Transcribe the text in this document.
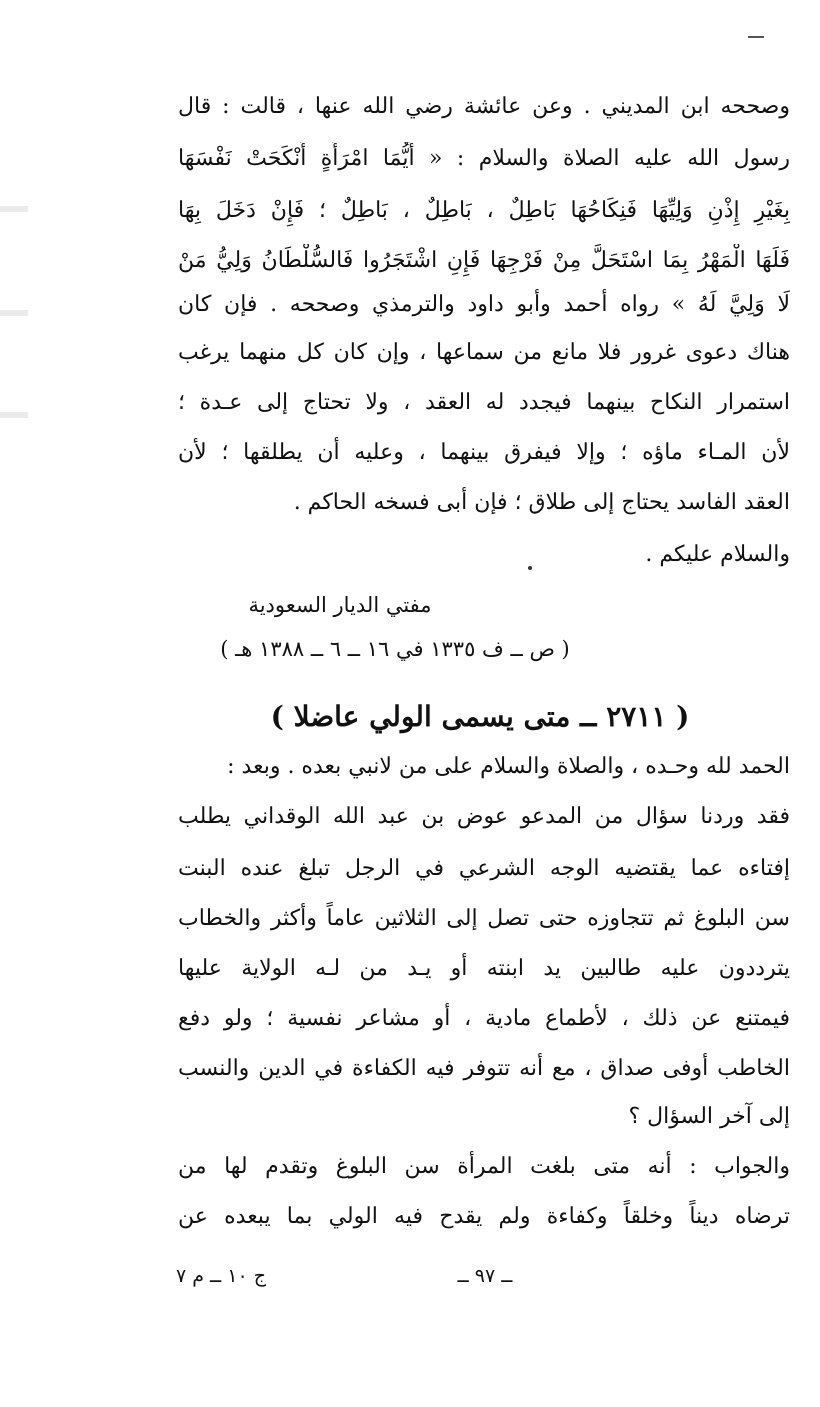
وصححه ابن المديني . وعن عائشة رضي الله عنها ، قالت : قال
رسول الله عليه الصلاة والسلام : « أَيُّمَا امْرَأَةٍ أَنْكَحَتْ نَفْسَهَا
بِغَيْرِ إِذْنِ وَلِيِّهَا فَنِكَاحُهَا بَاطِلٌ ، بَاطِلٌ ، بَاطِلٌ ؛ فَإِنْ دَخَلَ بِهَا
فَلَهَا الْمَهْرُ بِمَا اسْتَحَلَّ مِنْ فَرْجِهَا فَإِنِ اشْتَجَرُوا فَالسُّلْطَانُ وَلِيُّ مَنْ
لَا وَلِيَّ لَهُ » رواه أحمد وأبو داود والترمذي وصححه . فإن كان
هناك دعوى غرور فلا مانع من سماعها ، وإن كان كل منهما يرغب
استمرار النكاح بينهما فيجدد له العقد ، ولا تحتاج إلى عـدة ؛
لأن المـاء ماؤه ؛ وإلا فيفرق بينهما ، وعليه أن يطلقها ؛ لأن
العقد الفاسد يحتاج إلى طلاق ؛ فإن أبى فسخه الحاكم .
والسلام عليكم .
مفتي الديار السعودية
( ص ــ ف ١٣٣٥ في ١٦ ــ ٦ ــ ١٣٨٨ هـ )
( ٢٧١١ ــ متى يسمى الولي عاضلا )
الحمد لله وحـده ، والصلاة والسلام على من لانبي بعده . وبعد :
فقد وردنا سؤال من المدعو عوض بن عبد الله الوقداني يطلب
إفتاءه عما يقتضيه الوجه الشرعي في الرجل تبلغ عنده البنت
سن البلوغ ثم تتجاوزه حتى تصل إلى الثلاثين عاماً وأكثر والخطاب
يترددون عليه طالبين يد ابنته أو يـد من لـه الولاية عليها
فيمتنع عن ذلك ، لأطماع مادية ، أو مشاعر نفسية ؛ ولو دفع
الخاطب أوفى صداق ، مع أنه تتوفر فيه الكفاءة في الدين والنسب
إلى آخر السؤال ؟
والجواب : أنه متى بلغت المرأة سن البلوغ وتقدم لها من
ترضاه ديناً وخلقاً وكفاءة ولم يقدح فيه الولي بما يبعده عن
ــ ٩٧ ــ
ج ١٠ ــ م ٧
